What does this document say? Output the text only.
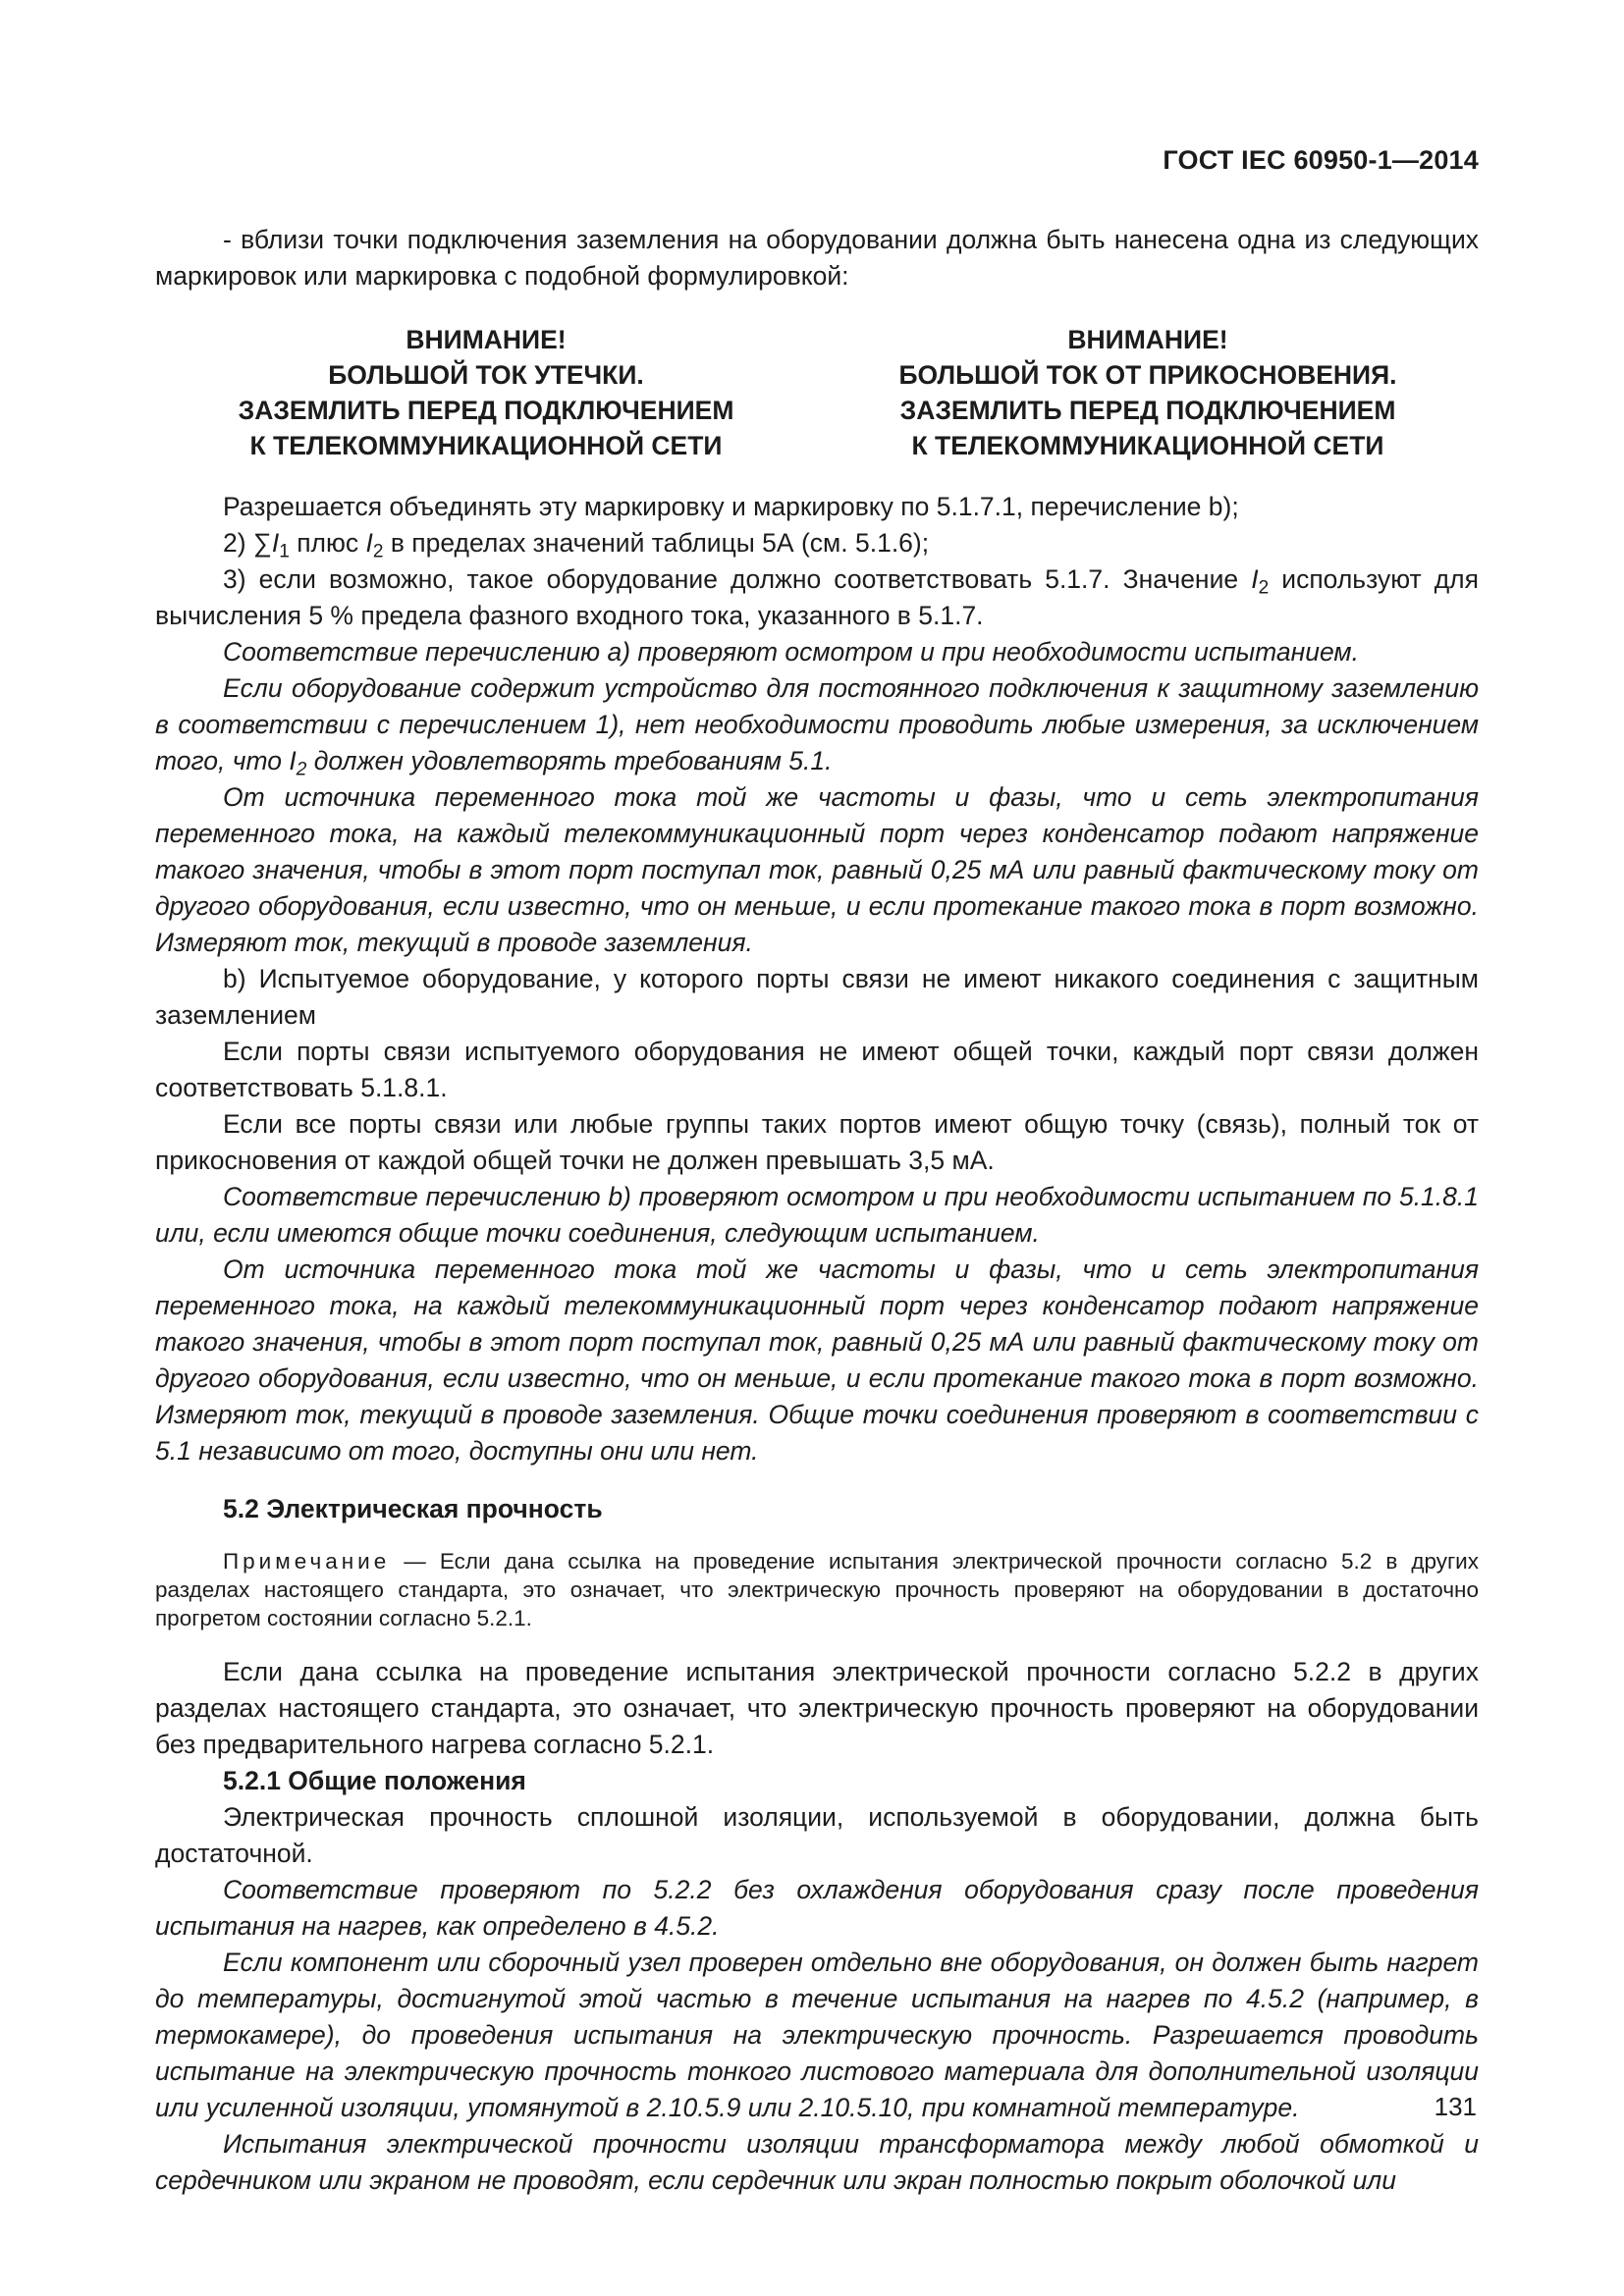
ГОСТ IEC 60950-1—2014

- вблизи точки подключения заземления на оборудовании должна быть нанесена одна из следующих маркировок или маркировка с подобной формулировкой:

ВНИМАНИЕ!
БОЛЬШОЙ ТОК УТЕЧКИ.
ЗАЗЕМЛИТЬ ПЕРЕД ПОДКЛЮЧЕНИЕМ
К ТЕЛЕКОММУНИКАЦИОННОЙ СЕТИ
ВНИМАНИЕ!
БОЛЬШОЙ ТОК ОТ ПРИКОСНОВЕНИЯ.
ЗАЗЕМЛИТЬ ПЕРЕД ПОДКЛЮЧЕНИЕМ
К ТЕЛЕКОММУНИКАЦИОННОЙ СЕТИ

Разрешается объединять эту маркировку и маркировку по 5.1.7.1, перечисление b);

2) $\sum I_1$ плюс $I_2$ в пределах значений таблицы 5А (см. 5.1.6);

3) если возможно, такое оборудование должно соответствовать 5.1.7. Значение $I_2$ используют для вычисления 5 % предела фазного входного тока, указанного в 5.1.7.

Соответствие перечислению а) проверяют осмотром и при необходимости испытанием.

Если оборудование содержит устройство для постоянного подключения к защитному заземлению в соответствии с перечислением 1), нет необходимости проводить любые измерения, за исключением того, что $I_2$ должен удовлетворять требованиям 5.1.

От источника переменного тока той же частоты и фазы, что и сеть электропитания переменного тока, на каждый телекоммуникационный порт через конденсатор подают напряжение такого значения, чтобы в этот порт поступал ток, равный 0,25 мА или равный фактическому току от другого оборудования, если известно, что он меньше, и если протекание такого тока в порт возможно. Измеряют ток, текущий в проводе заземления.

b) Испытуемое оборудование, у которого порты связи не имеют никакого соединения с защитным заземлением

Если порты связи испытуемого оборудования не имеют общей точки, каждый порт связи должен соответствовать 5.1.8.1.

Если все порты связи или любые группы таких портов имеют общую точку (связь), полный ток от прикосновения от каждой общей точки не должен превышать 3,5 мА.

Соответствие перечислению b) проверяют осмотром и при необходимости испытанием по 5.1.8.1 или, если имеются общие точки соединения, следующим испытанием.

От источника переменного тока той же частоты и фазы, что и сеть электропитания переменного тока, на каждый телекоммуникационный порт через конденсатор подают напряжение такого значения, чтобы в этот порт поступал ток, равный 0,25 мА или равный фактическому току от другого оборудования, если известно, что он меньше, и если протекание такого тока в порт возможно. Измеряют ток, текущий в проводе заземления. Общие точки соединения проверяют в соответствии с 5.1 независимо от того, доступны они или нет.

5.2 Электрическая прочность

Примечание — Если дана ссылка на проведение испытания электрической прочности согласно 5.2 в других разделах настоящего стандарта, это означает, что электрическую прочность проверяют на оборудовании в достаточно прогретом состоянии согласно 5.2.1.

Если дана ссылка на проведение испытания электрической прочности согласно 5.2.2 в других разделах настоящего стандарта, это означает, что электрическую прочность проверяют на оборудовании без предварительного нагрева согласно 5.2.1.

5.2.1 Общие положения

Электрическая прочность сплошной изоляции, используемой в оборудовании, должна быть достаточной.

Соответствие проверяют по 5.2.2 без охлаждения оборудования сразу после проведения испытания на нагрев, как определено в 4.5.2.

Если компонент или сборочный узел проверен отдельно вне оборудования, он должен быть нагрет до температуры, достигнутой этой частью в течение испытания на нагрев по 4.5.2 (например, в термокамере), до проведения испытания на электрическую прочность. Разрешается проводить испытание на электрическую прочность тонкого листового материала для дополнительной изоляции или усиленной изоляции, упомянутой в 2.10.5.9 или 2.10.5.10, при комнатной температуре.

Испытания электрической прочности изоляции трансформатора между любой обмоткой и сердечником или экраном не проводят, если сердечник или экран полностью покрыт оболочкой или

131
